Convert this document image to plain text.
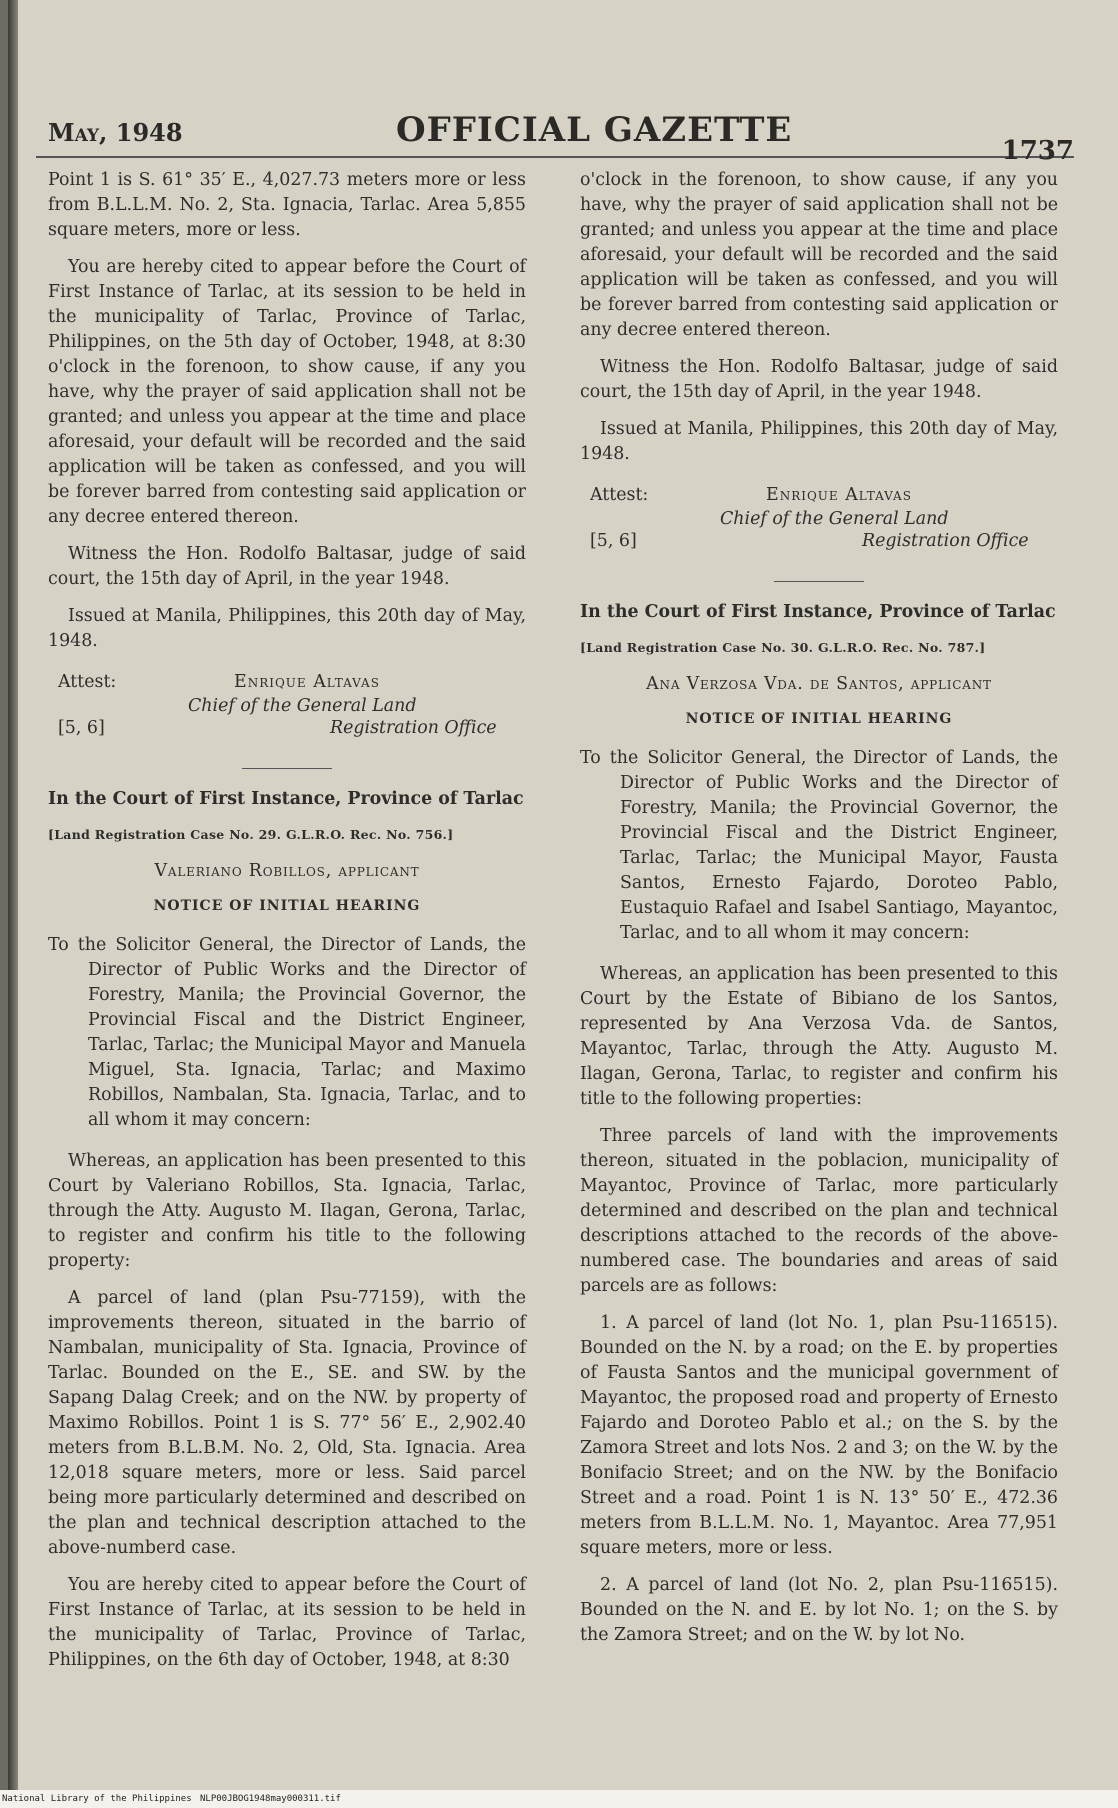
May, 1948	OFFICIAL GAZETTE
1737

Point 1 is S. 61° 35′ E., 4,027.73 meters more or less from B.L.L.M. No. 2, Sta. Ignacia, Tarlac. Area 5,855 square meters, more or less.

You are hereby cited to appear before the Court of First Instance of Tarlac, at its session to be held in the municipality of Tarlac, Province of Tarlac, Philippines, on the 5th day of October, 1948, at 8:30 o'clock in the forenoon, to show cause, if any you have, why the prayer of said application shall not be granted; and unless you appear at the time and place aforesaid, your default will be recorded and the said application will be taken as confessed, and you will be forever barred from contesting said application or any decree entered thereon.

Witness the Hon. Rodolfo Baltasar, judge of said court, the 15th day of April, in the year 1948.

Issued at Manila, Philippines, this 20th day of May, 1948.

Attest:	Enrique Altavas
Chief of the General Land
[5, 6]	Registration Office
In the Court of First Instance, Province of Tarlac
[Land Registration Case No. 29. G.L.R.O. Rec. No. 756.]
Valeriano Robillos, applicant
NOTICE OF INITIAL HEARING
To the Solicitor General, the Director of Lands, the Director of Public Works and the Director of Forestry, Manila; the Provincial Governor, the Provincial Fiscal and the District Engineer, Tarlac, Tarlac; the Municipal Mayor and Manuela Miguel, Sta. Ignacia, Tarlac; and Maximo Robillos, Nambalan, Sta. Ignacia, Tarlac, and to all whom it may concern:

Whereas, an application has been presented to this Court by Valeriano Robillos, Sta. Ignacia, Tarlac, through the Atty. Augusto M. Ilagan, Gerona, Tarlac, to register and confirm his title to the following property:

A parcel of land (plan Psu-77159), with the improvements thereon, situated in the barrio of Nambalan, municipality of Sta. Ignacia, Province of Tarlac. Bounded on the E., SE. and SW. by the Sapang Dalag Creek; and on the NW. by property of Maximo Robillos. Point 1 is S. 77° 56′ E., 2,902.40 meters from B.L.B.M. No. 2, Old, Sta. Ignacia. Area 12,018 square meters, more or less. Said parcel being more particularly determined and described on the plan and technical description attached to the above-numberd case.

You are hereby cited to appear before the Court of First Instance of Tarlac, at its session to be held in the municipality of Tarlac, Province of Tarlac, Philippines, on the 6th day of October, 1948, at 8:30

o'clock in the forenoon, to show cause, if any you have, why the prayer of said application shall not be granted; and unless you appear at the time and place aforesaid, your default will be recorded and the said application will be taken as confessed, and you will be forever barred from contesting said application or any decree entered thereon.

Witness the Hon. Rodolfo Baltasar, judge of said court, the 15th day of April, in the year 1948.

Issued at Manila, Philippines, this 20th day of May, 1948.

Attest:	Enrique Altavas
Chief of the General Land
[5, 6]	Registration Office
In the Court of First Instance, Province of Tarlac
[Land Registration Case No. 30. G.L.R.O. Rec. No. 787.]
Ana Verzosa Vda. de Santos, applicant
NOTICE OF INITIAL HEARING
To the Solicitor General, the Director of Lands, the Director of Public Works and the Director of Forestry, Manila; the Provincial Governor, the Provincial Fiscal and the District Engineer, Tarlac, Tarlac; the Municipal Mayor, Fausta Santos, Ernesto Fajardo, Doroteo Pablo, Eustaquio Rafael and Isabel Santiago, Mayantoc, Tarlac, and to all whom it may concern:

Whereas, an application has been presented to this Court by the Estate of Bibiano de los Santos, represented by Ana Verzosa Vda. de Santos, Mayantoc, Tarlac, through the Atty. Augusto M. Ilagan, Gerona, Tarlac, to register and confirm his title to the following properties:

Three parcels of land with the improvements thereon, situated in the poblacion, municipality of Mayantoc, Province of Tarlac, more particularly determined and described on the plan and technical descriptions attached to the records of the above-numbered case. The boundaries and areas of said parcels are as follows:

1. A parcel of land (lot No. 1, plan Psu-116515). Bounded on the N. by a road; on the E. by properties of Fausta Santos and the municipal government of Mayantoc, the proposed road and property of Ernesto Fajardo and Doroteo Pablo et al.; on the S. by the Zamora Street and lots Nos. 2 and 3; on the W. by the Bonifacio Street; and on the NW. by the Bonifacio Street and a road. Point 1 is N. 13° 50′ E., 472.36 meters from B.L.L.M. No. 1, Mayantoc. Area 77,951 square meters, more or less.

2. A parcel of land (lot No. 2, plan Psu-116515). Bounded on the N. and E. by lot No. 1; on the S. by the Zamora Street; and on the W. by lot No.

National Library of the Philippines NLP00JBOG1948may000311.tif
